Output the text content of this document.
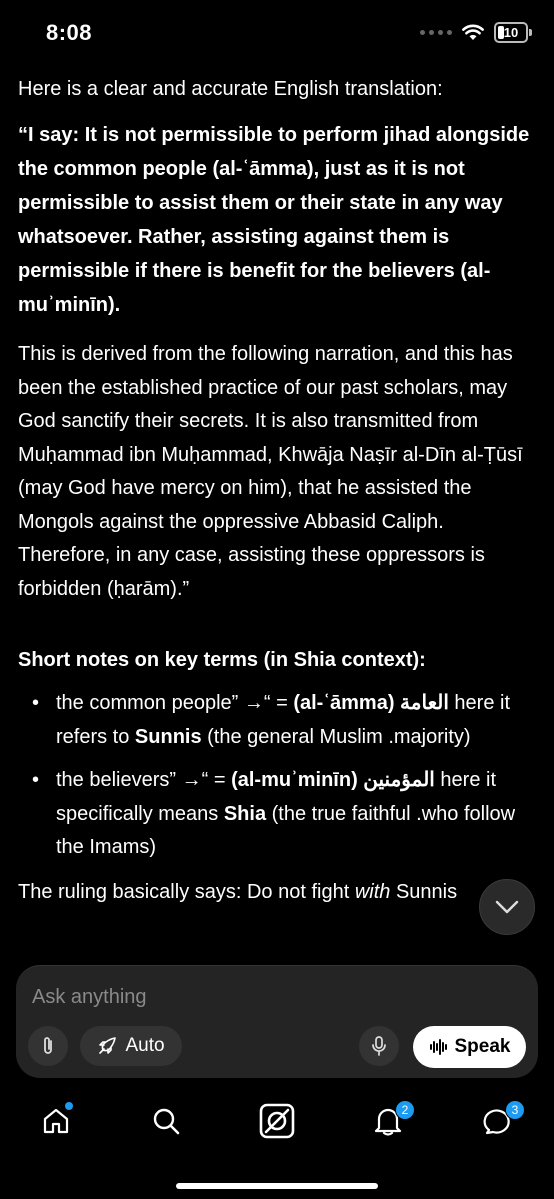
8:08	10

Here is a clear and accurate English translation:

“I say: It is not permissible to perform jihad alongside the common people (al-ʿāmma), just as it is not permissible to assist them or their state in any way whatsoever. Rather, assisting against them is permissible if there is benefit for the believers (al-muʾminīn).

This is derived from the following narration, and this has been the established practice of our past scholars, may God sanctify their secrets. It is also transmitted from Muḥammad ibn Muḥammad, Khwāja Naṣīr al-Dīn al-Ṭūsī (may God have mercy on him), that he assisted the Mongols against the oppressive Abbasid Caliph. Therefore, in any case, assisting these oppressors is forbidden (ḥarām).”

Short notes on key terms (in Shia context):

• the common people” →“ = (al-ʿāmma) العامة here it refers to Sunnis (the general Muslim .majority)
• the believers” →“ = (al-muʾminīn) المؤمنين here it specifically means Shia (the true faithful .who follow the Imams)

The ruling basically says: Do not fight with Sunnis

Ask anything
Auto	Speak
2	3
